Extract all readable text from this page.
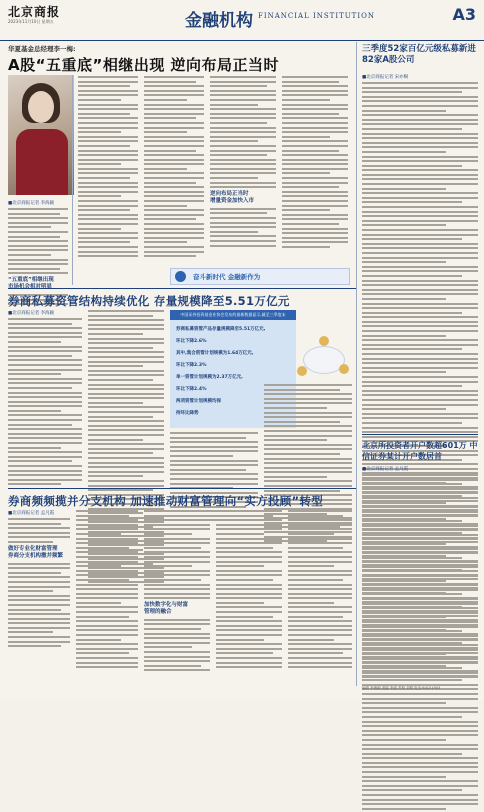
北京商报
2023年11月10日 星期五	金融机构 FINANCIAL INSTITUTION	A3
华夏基金总经理李一梅:
A股“五重底”相继出现 逆向布局正当时
■北京商报记者 李海颖
“五重底”相继出现
市场机会相对明显
逆向布局正当时
增量资金加快入市
奋斗新时代 金融新作为
三季度52家百亿元级私募新进82家A股公司
■北京商报记者 宋亦桐
券商私募资管结构持续优化 存量规模降至5.51万亿元
■北京商报记者 李海颖	中国证券投资基金业协会发布的最新数据显示,截至三季度末
券商私募资管产品存量规模降至5.51万亿元,
环比下降2.6%
其中,集合资管计划规模为1.64万亿元,
环比下降2.3%
单一资管计划规模为2.37万亿元,
环比下降2.4%
两项资管计划规模均保
持环比降势
北京所投资者开户数超601万 中信证券某计开户数居首
■北京商报记者 孟凡霞
券商频频揽并分支机构 加速推动财富管理向“实方投顾”转型
■北京商报记者 孟凡霞
做好专业化财富管理
券商分支机构撤并频繁
加快数字化与财富
管理的融合
编辑 李海颖 美编 李道 责校 刘明 电话:64101903
